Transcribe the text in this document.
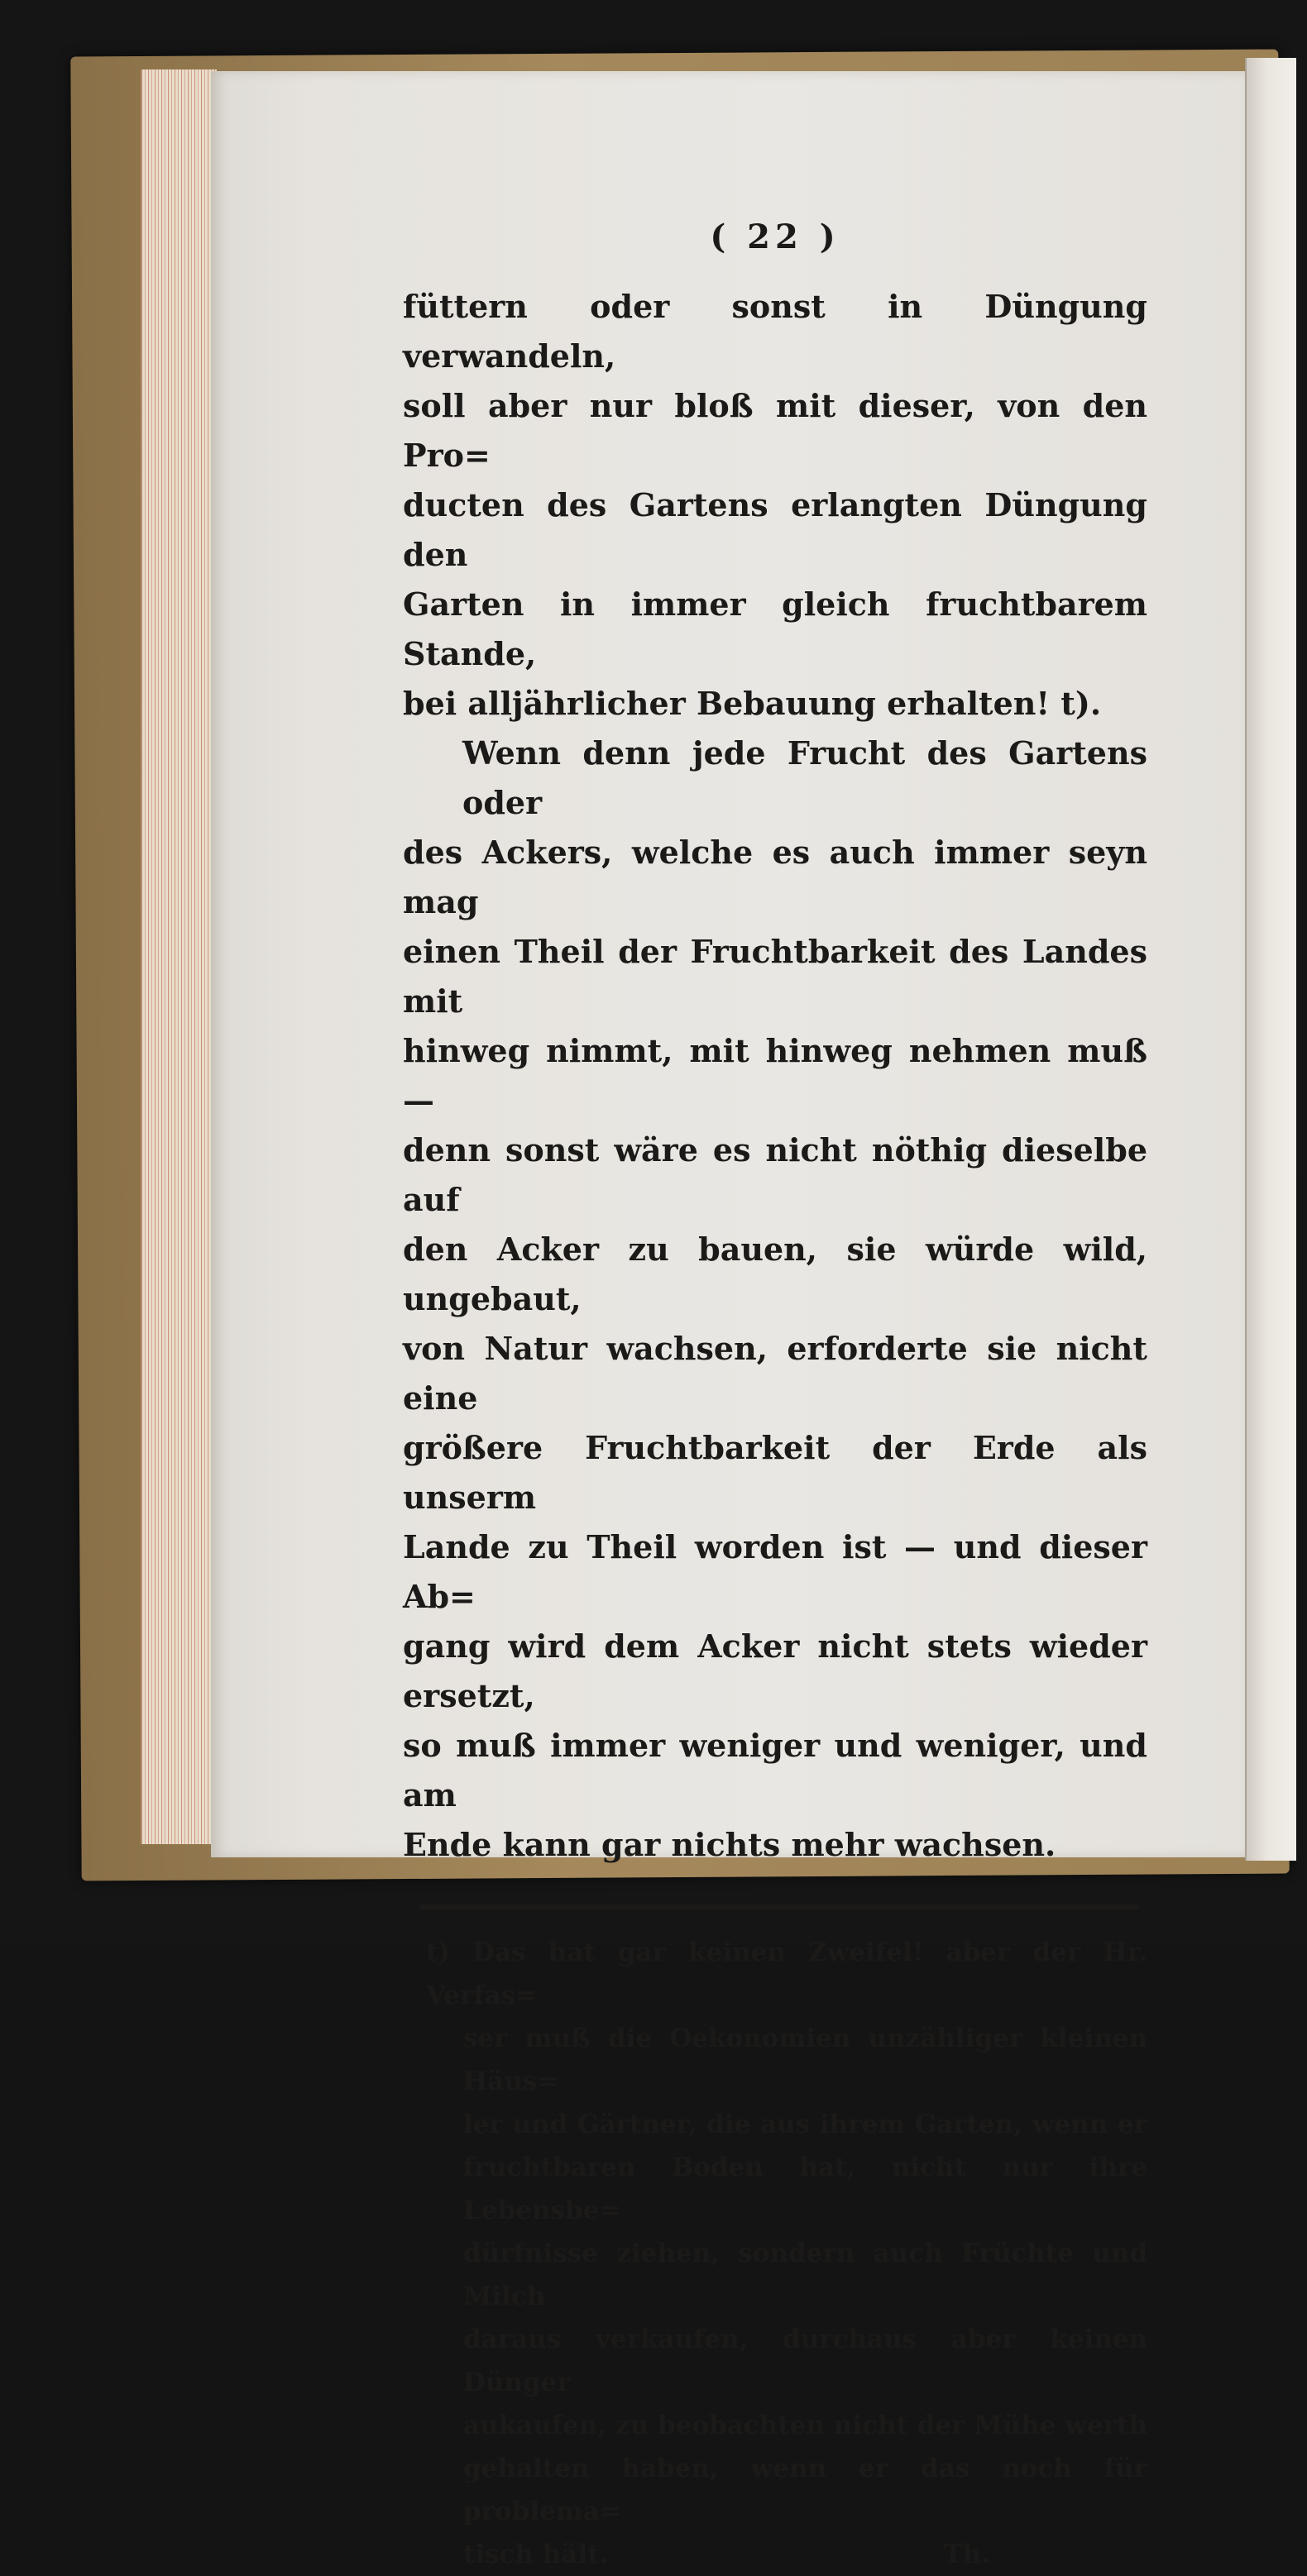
( 22 )

füttern oder sonst in Düngung verwandeln,

soll aber nur bloß mit dieser, von den Pro=

ducten des Gartens erlangten Düngung den

Garten in immer gleich fruchtbarem Stande,

bei alljährlicher Bebauung erhalten! t).

Wenn denn jede Frucht des Gartens oder

des Ackers, welche es auch immer seyn mag

einen Theil der Fruchtbarkeit des Landes mit

hinweg nimmt, mit hinweg nehmen muß —

denn sonst wäre es nicht nöthig dieselbe auf

den Acker zu bauen, sie würde wild, ungebaut,

von Natur wachsen, erforderte sie nicht eine

größere Fruchtbarkeit der Erde als unserm

Lande zu Theil worden ist — und dieser Ab=

gang wird dem Acker nicht stets wieder ersetzt,

so muß immer weniger und weniger, und am

Ende kann gar nichts mehr wachsen.

t) Das hat gar keinen Zweifel! aber der Hr. Verfas=

ser muß die Oekonomien unzähliger kleinen Häus=

ler und Gärtner, die aus ihrem Garten, wenn er

fruchtbaren Boden hat, nicht nur ihre Lebensbe=

dürfnisse ziehen, sondern auch Früchte und Milch

daraus verkaufen, durchaus aber keinen Dünger

aukaufen, zu beobachten nicht der Mühe werth

gehalten haben, wenn er das noch für problema=

tisch hält.	Th.
